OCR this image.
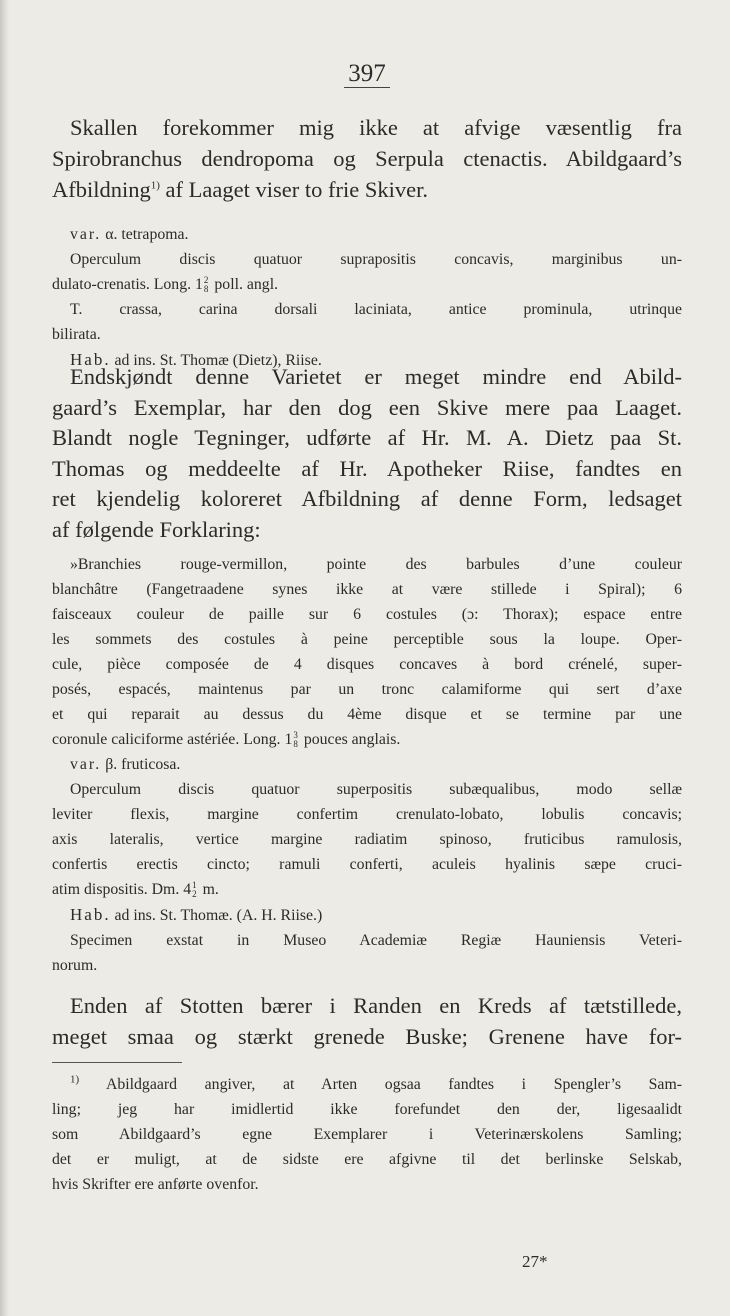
397
Skallen forekommer mig ikke at afvige væsentlig fra
Spirobranchus dendropoma og Serpula ctenactis. Abildgaard’s
Afbildning$^{1)}$ af Laaget viser to frie Skiver.
var. α. tetrapoma.
Operculum discis quatuor suprapositis concavis, marginibus un-
dulato-crenatis. Long. 1 2
8 poll. angl.
T. crassa, carina dorsali laciniata, antice prominula, utrinque
bilirata.
Hab. ad ins. St. Thomæ (Dietz), Riise.
Endskjøndt denne Varietet er meget mindre end Abild-
gaard’s Exemplar, har den dog een Skive mere paa Laaget.
Blandt nogle Tegninger, udførte af Hr. M. A. Dietz paa St.
Thomas og meddeelte af Hr. Apotheker Riise, fandtes en
ret kjendelig koloreret Afbildning af denne Form, ledsaget
af følgende Forklaring:
»Branchies rouge-vermillon, pointe des barbules d’une couleur
blanchâtre (Fangetraadene synes ikke at være stillede i Spiral); 6
faisceaux couleur de paille sur 6 costules (ɔ: Thorax); espace entre
les sommets des costules à peine perceptible sous la loupe. Oper-
cule, pièce composée de 4 disques concaves à bord crénelé, super-
posés, espacés, maintenus par un tronc calamiforme qui sert d’axe
et qui reparait au dessus du 4ème disque et se termine par une
coronule caliciforme astériée. Long. 1 3
8 pouces anglais.
var. β. fruticosa.
Operculum discis quatuor superpositis subæqualibus, modo sellæ
leviter flexis, margine confertim crenulato-lobato, lobulis concavis;
axis lateralis, vertice margine radiatim spinoso, fruticibus ramulosis,
confertis erectis cincto; ramuli conferti, aculeis hyalinis sæpe cruci-
atim dispositis. Dm. 4 1
2 m.
Hab. ad ins. St. Thomæ. (A. H. Riise.)
Specimen exstat in Museo Academiæ Regiæ Hauniensis Veteri-
norum.
Enden af Stotten bærer i Randen en Kreds af tætstillede,
meget smaa og stærkt grenede Buske; Grenene have for-
$^{1)}$ Abildgaard angiver, at Arten ogsaa fandtes i Spengler’s Sam-
ling; jeg har imidlertid ikke forefundet den der, ligesaalidt
som Abildgaard’s egne Exemplarer i Veterinærskolens Samling;
det er muligt, at de sidste ere afgivne til det berlinske Selskab,
hvis Skrifter ere anførte ovenfor.
27*
